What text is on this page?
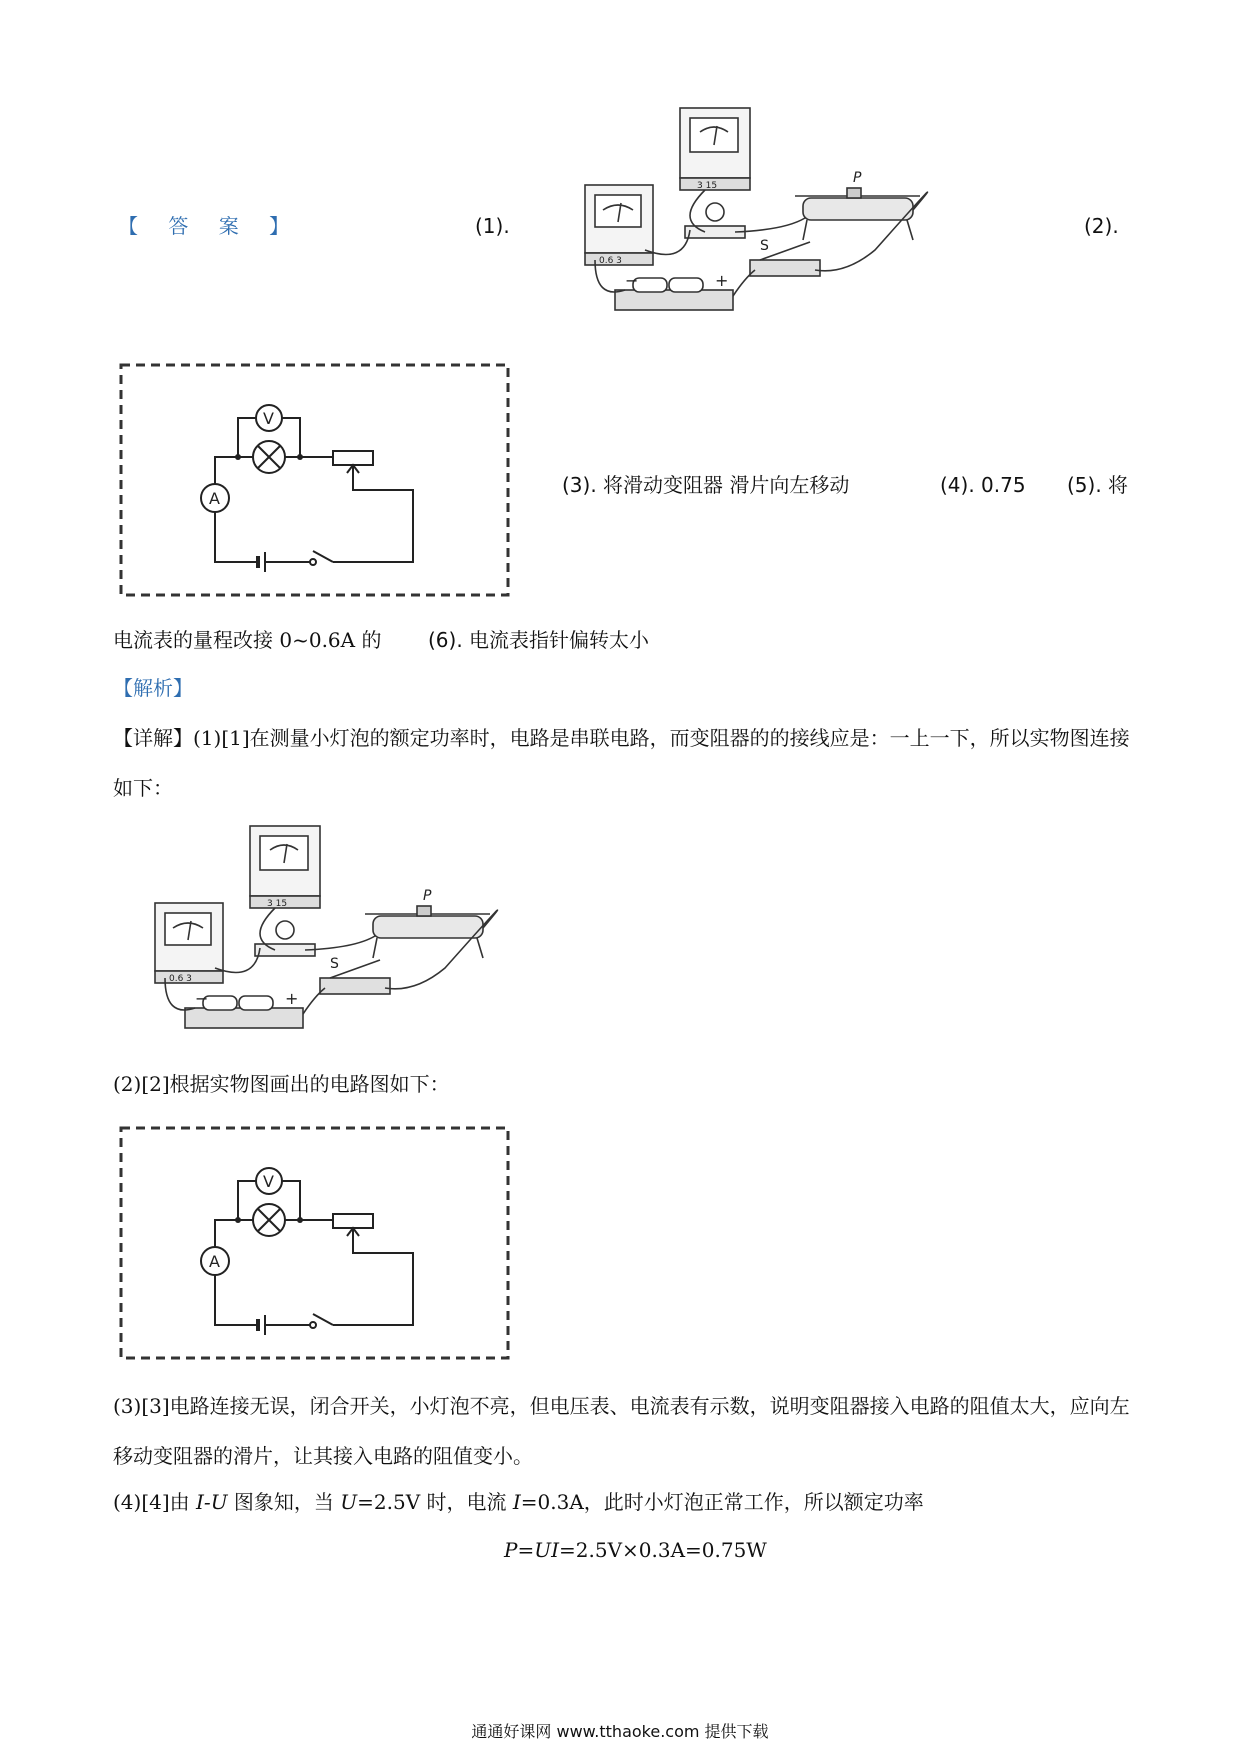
【 答 案 】	(1).	(2).
P
S
−	+
3 15
0.6 3
V
A
(3). 将滑动变阻器 滑片向左移动	(4). 0.75 (5). 将
电流表的量程改接 0~0.6A 的 (6). 电流表指针偏转太小
【解析】
【详解】(1)[1]在测量小灯泡的额定功率时，电路是串联电路，而变阻器的的接线应是：一上一下，所以实物图连接如下：
P
S
−	+
3 15
0.6 3
(2)[2]根据实物图画出的电路图如下：
V
A
(3)[3]电路连接无误，闭合开关，小灯泡不亮，但电压表、电流表有示数，说明变阻器接入电路的阻值太大，应向左移动变阻器的滑片，让其接入电路的阻值变小。
(4)[4]由 I-U 图象知，当 U=2.5V 时，电流 I=0.3A，此时小灯泡正常工作，所以额定功率
P=UI=2.5V×0.3A=0.75W
通通好课网 www.tthaoke.com 提供下载
